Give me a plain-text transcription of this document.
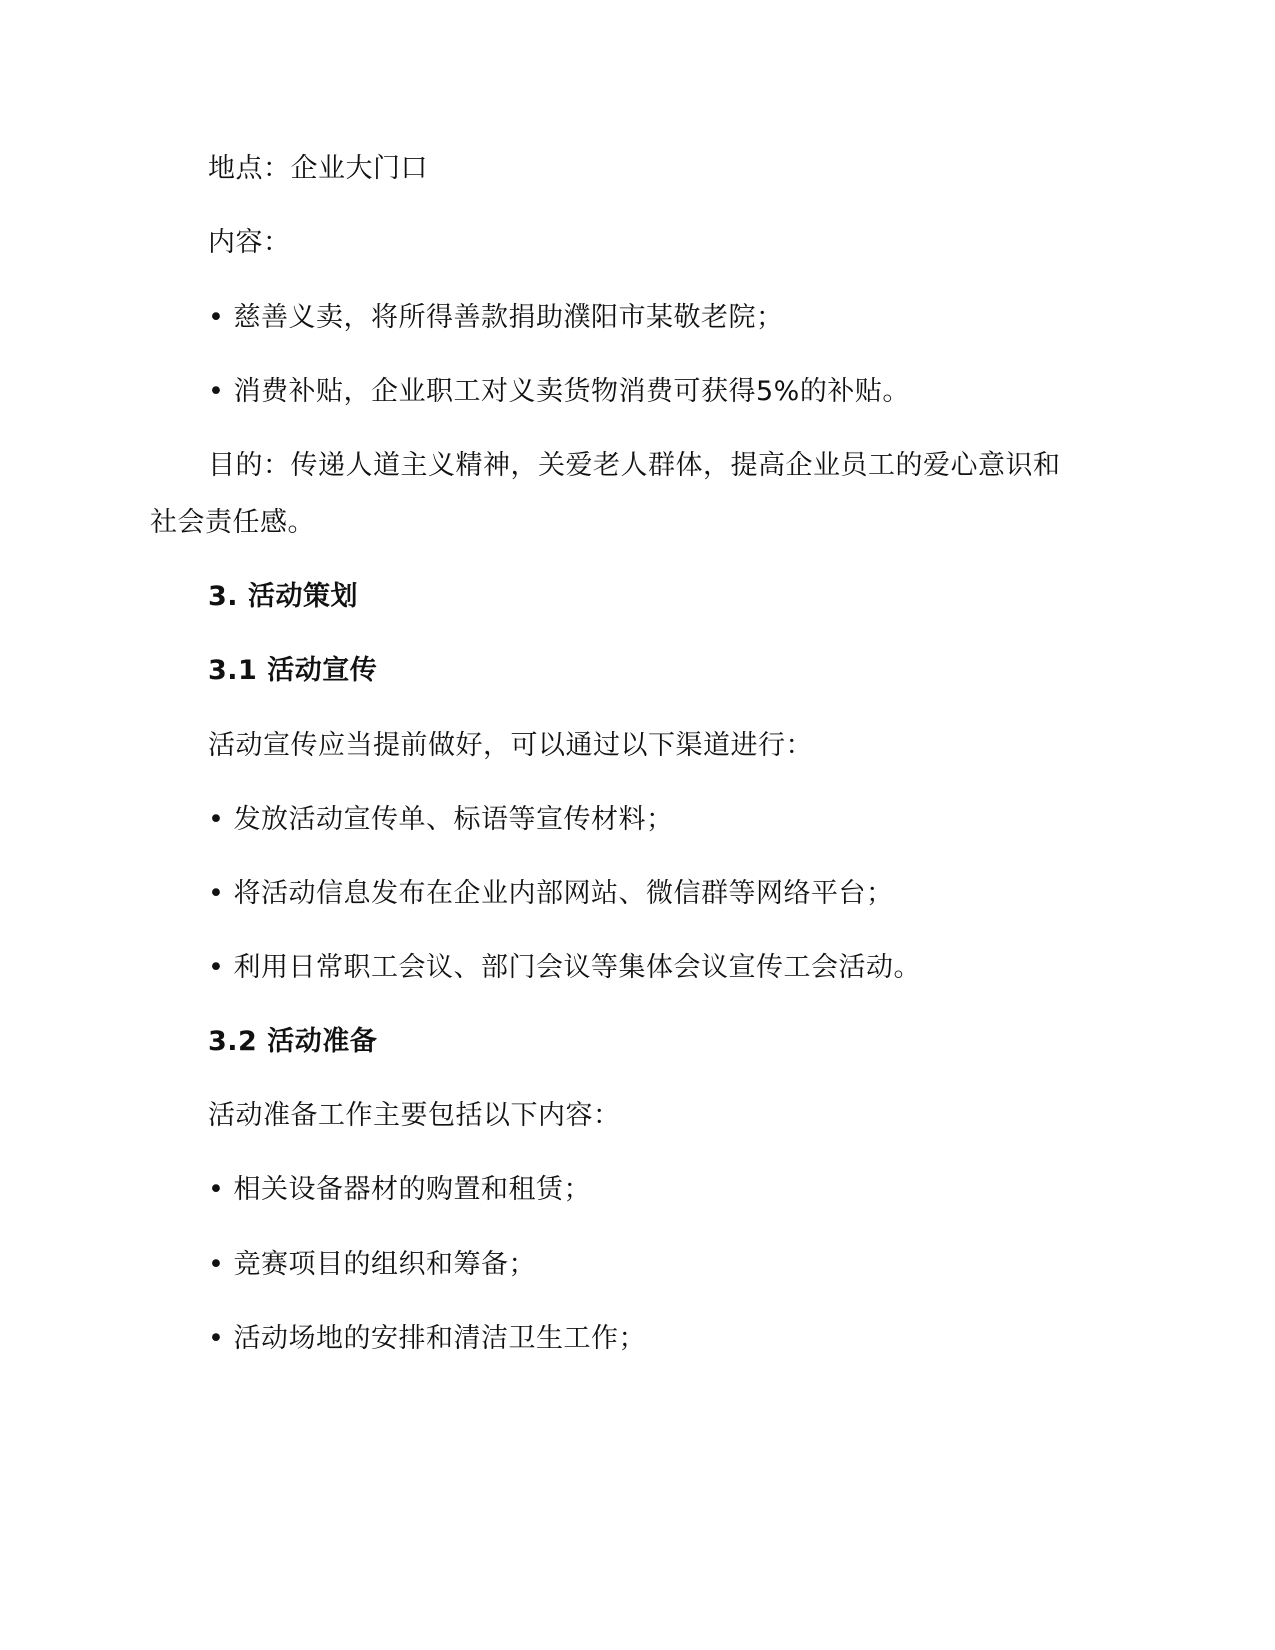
地点：企业大门口
内容：
• 慈善义卖，将所得善款捐助濮阳市某敬老院；
• 消费补贴，企业职工对义卖货物消费可获得5%的补贴。
目的：传递人道主义精神，关爱老人群体，提高企业员工的爱心意识和
社会责任感。
3. 活动策划
3.1 活动宣传
活动宣传应当提前做好，可以通过以下渠道进行：
• 发放活动宣传单、标语等宣传材料；
• 将活动信息发布在企业内部网站、微信群等网络平台；
• 利用日常职工会议、部门会议等集体会议宣传工会活动。
3.2 活动准备
活动准备工作主要包括以下内容：
• 相关设备器材的购置和租赁；
• 竞赛项目的组织和筹备；
• 活动场地的安排和清洁卫生工作；
